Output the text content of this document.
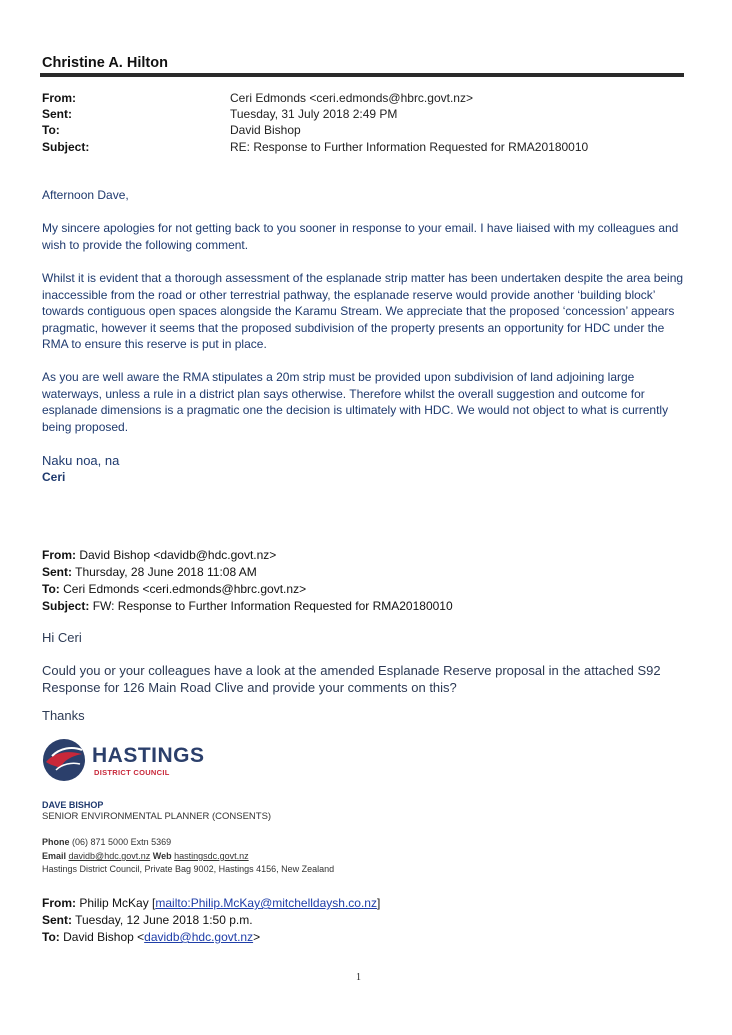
Christine A. Hilton
From:	Ceri Edmonds <ceri.edmonds@hbrc.govt.nz>
Sent:	Tuesday, 31 July 2018 2:49 PM
To:	David Bishop
Subject:	RE: Response to Further Information Requested for RMA20180010
Afternoon Dave,
My sincere apologies for not getting back to you sooner in response to your email. I have liaised with my colleagues and wish to provide the following comment.
Whilst it is evident that a thorough assessment of the esplanade strip matter has been undertaken despite the area being inaccessible from the road or other terrestrial pathway, the esplanade reserve would provide another ‘building block’ towards contiguous open spaces alongside the Karamu Stream. We appreciate that the proposed ‘concession’ appears pragmatic, however it seems that the proposed subdivision of the property presents an opportunity for HDC under the RMA to ensure this reserve is put in place.
As you are well aware the RMA stipulates a 20m strip must be provided upon subdivision of land adjoining large waterways, unless a rule in a district plan says otherwise. Therefore whilst the overall suggestion and outcome for esplanade dimensions is a pragmatic one the decision is ultimately with HDC. We would not object to what is currently being proposed.
Naku noa, na
Ceri
From: David Bishop <davidb@hdc.govt.nz>
Sent: Thursday, 28 June 2018 11:08 AM
To: Ceri Edmonds <ceri.edmonds@hbrc.govt.nz>
Subject: FW: Response to Further Information Requested for RMA20180010
Hi Ceri
Could you or your colleagues have a look at the amended Esplanade Reserve proposal in the attached S92 Response for 126 Main Road Clive and provide your comments on this?
Thanks
HASTINGS
DISTRICT COUNCIL
DAVE BISHOP
SENIOR ENVIRONMENTAL PLANNER (CONSENTS)
Phone (06) 871 5000 Extn 5369
Email davidb@hdc.govt.nz Web hastingsdc.govt.nz
Hastings District Council, Private Bag 9002, Hastings 4156, New Zealand
From: Philip McKay [mailto:Philip.McKay@mitchelldaysh.co.nz]
Sent: Tuesday, 12 June 2018 1:50 p.m.
To: David Bishop <davidb@hdc.govt.nz>
1
